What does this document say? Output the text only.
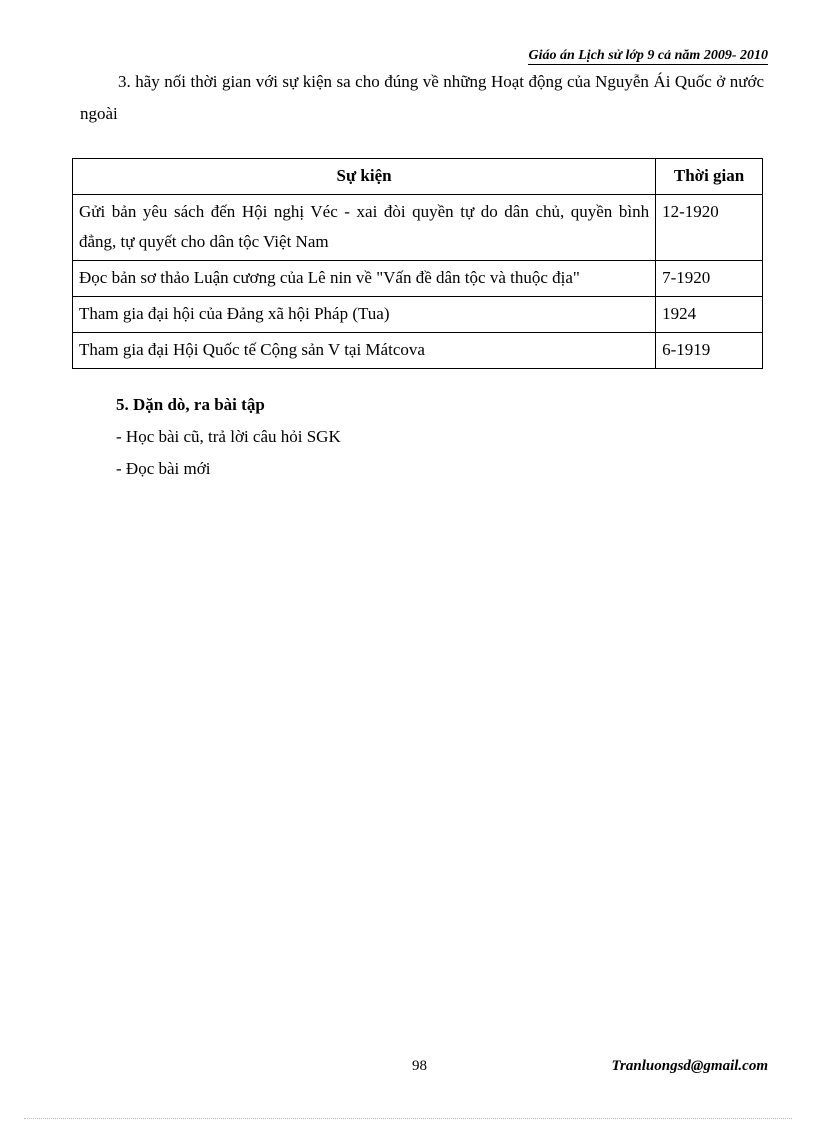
Giáo án Lịch sử lớp 9 cả năm 2009- 2010
3. hãy nối thời gian với sự kiện sa cho đúng về những Hoạt động của Nguyễn Ái Quốc ở nước ngoài
Sự kiện	Thời gian
Gửi bản yêu sách đến Hội nghị Véc - xai đòi quyền tự do dân chủ, quyền bình đẳng, tự quyết cho dân tộc Việt Nam	12-1920
Đọc bản sơ thảo Luận cương của Lê nin về "Vấn đề dân tộc và thuộc địa"	7-1920
Tham gia đại hội của Đảng xã hội Pháp (Tua)	1924
Tham gia đại Hội Quốc tế Cộng sản V tại Mátcova	6-1919
5. Dặn dò, ra bài tập
- Học bài cũ, trả lời câu hỏi SGK
- Đọc bài mới
98	Tranluongsd@gmail.com
